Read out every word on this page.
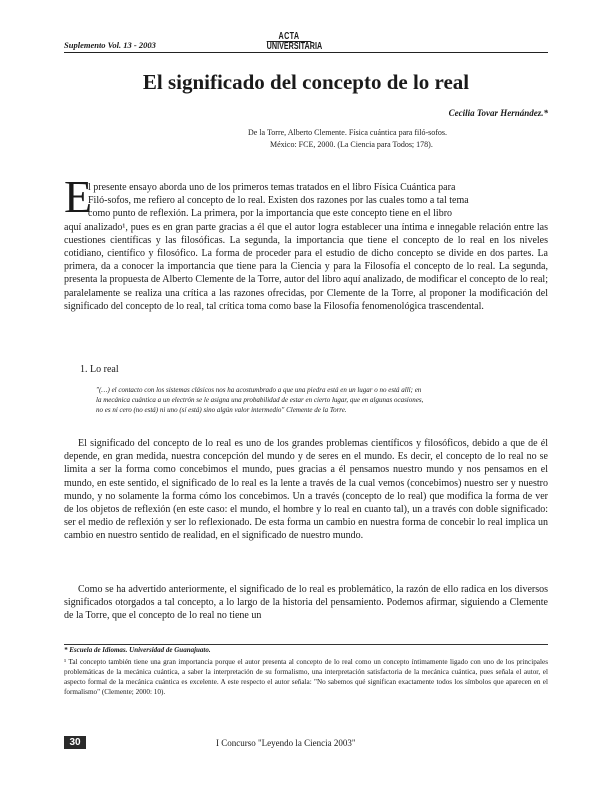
Suplemento Vol. 13 - 2003
ACTA
UNIVERSITARIA
El significado del concepto de lo real
Cecilia Tovar Hernández.*
De la Torre, Alberto Clemente. Física cuántica para filó-sofos.
México: FCE, 2000. (La Ciencia para Todos; 178).
E
l presente ensayo aborda uno de los primeros temas tratados en el libro Física Cuántica para
Filó-sofos, me refiero al concepto de lo real. Existen dos razones por las cuales tomo a tal tema
como punto de reflexión. La primera, por la importancia que este concepto tiene en el libro
aquí analizado¹, pues es en gran parte gracias a él que el autor logra establecer una íntima e innegable relación entre las cuestiones científicas y las filosóficas. La segunda, la importancia que tiene el concepto de lo real en los niveles cotidiano, científico y filosófico. La forma de proceder para el estudio de dicho concepto se divide en dos partes. La primera, da a conocer la importancia que tiene para la Ciencia y para la Filosofía el concepto de lo real. La segunda, presenta la propuesta de Alberto Clemente de la Torre, autor del libro aquí analizado, de modificar el concepto de lo real; paralelamente se realiza una crítica a las razones ofrecidas, por Clemente de la Torre, al proponer la modificación del significado del concepto de lo real, tal crítica toma como base la Filosofía fenomenológica trascendental.
1. Lo real
"(…) el contacto con los sistemas clásicos nos ha acostumbrado a que una piedra está en un lugar o no está allí; en
la mecánica cuántica a un electrón se le asigna una probabilidad de estar en cierto lugar, que en algunas ocasiones,
no es ni cero (no está) ni uno (sí está) sino algún valor intermedio" Clemente de la Torre.
El significado del concepto de lo real es uno de los grandes problemas científicos y filosóficos, debido a que de él depende, en gran medida, nuestra concepción del mundo y de seres en el mundo. Es decir, el concepto de lo real no se limita a ser la forma como concebimos el mundo, pues gracias a él pensamos nuestro mundo y nos pensamos en el mundo, en este sentido, el significado de lo real es la lente a través de la cual vemos (concebimos) nuestro ser y nuestro mundo, y no solamente la forma cómo los concebimos. Un a través (concepto de lo real) que modifica la forma de ver de los objetos de reflexión (en este caso: el mundo, el hombre y lo real en cuanto tal), un a través con doble significado: ser el medio de reflexión y ser lo reflexionado. De esta forma un cambio en nuestra forma de concebir lo real implica un cambio en nuestro sentido de realidad, en el significado de nuestro mundo.
Como se ha advertido anteriormente, el significado de lo real es problemático, la razón de ello radica en los diversos significados otorgados a tal concepto, a lo largo de la historia del pensamiento. Podemos afirmar, siguiendo a Clemente de la Torre, que el concepto de lo real no tiene un
* Escuela de Idiomas. Universidad de Guanajuato.
¹ Tal concepto también tiene una gran importancia porque el autor presenta al concepto de lo real como un concepto íntimamente ligado con uno de los principales problemáticas de la mecánica cuántica, a saber la interpretación de su formalismo, una interpretación satisfactoria de la mecánica cuántica, pues señala el autor, el aspecto formal de la mecánica cuántica es excelente. A este respecto el autor señala: "No sabemos qué significan exactamente todos los símbolos que aparecen en el formalismo" (Clemente; 2000: 10).
30	I Concurso "Leyendo la Ciencia 2003"
